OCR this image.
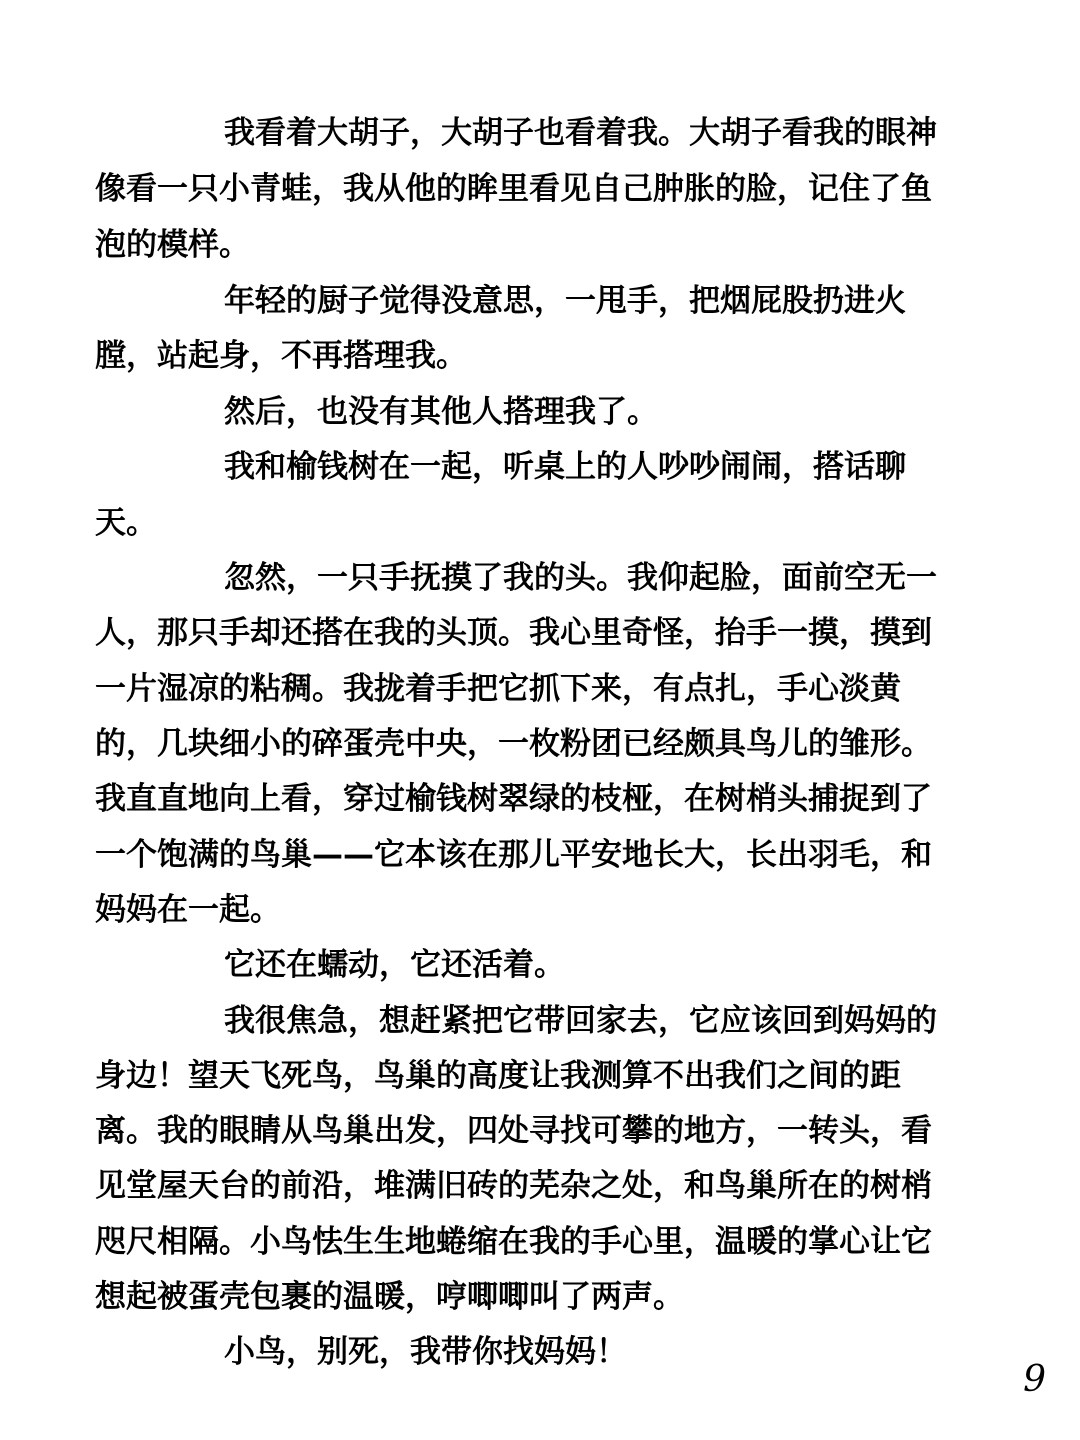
我看着大胡子，大胡子也看着我。大胡子看我的眼神
像看一只小青蛙，我从他的眸里看见自己肿胀的脸，记住了鱼
泡的模样。
年轻的厨子觉得没意思，一甩手，把烟屁股扔进火
膛，站起身，不再搭理我。
然后，也没有其他人搭理我了。
我和榆钱树在一起，听桌上的人吵吵闹闹，搭话聊
天。
忽然，一只手抚摸了我的头。我仰起脸，面前空无一
人，那只手却还搭在我的头顶。我心里奇怪，抬手一摸，摸到
一片湿凉的粘稠。我拢着手把它抓下来，有点扎，手心淡黄
的，几块细小的碎蛋壳中央，一枚粉团已经颇具鸟儿的雏形。
我直直地向上看，穿过榆钱树翠绿的枝桠，在树梢头捕捉到了
一个饱满的鸟巢——它本该在那儿平安地长大，长出羽毛，和
妈妈在一起。
它还在蠕动，它还活着。
我很焦急，想赶紧把它带回家去，它应该回到妈妈的
身边！望天飞死鸟，鸟巢的高度让我测算不出我们之间的距
离。我的眼睛从鸟巢出发，四处寻找可攀的地方，一转头，看
见堂屋天台的前沿，堆满旧砖的芜杂之处，和鸟巢所在的树梢
咫尺相隔。小鸟怯生生地蜷缩在我的手心里，温暖的掌心让它
想起被蛋壳包裹的温暖，哼唧唧叫了两声。
小鸟，别死，我带你找妈妈！
9
